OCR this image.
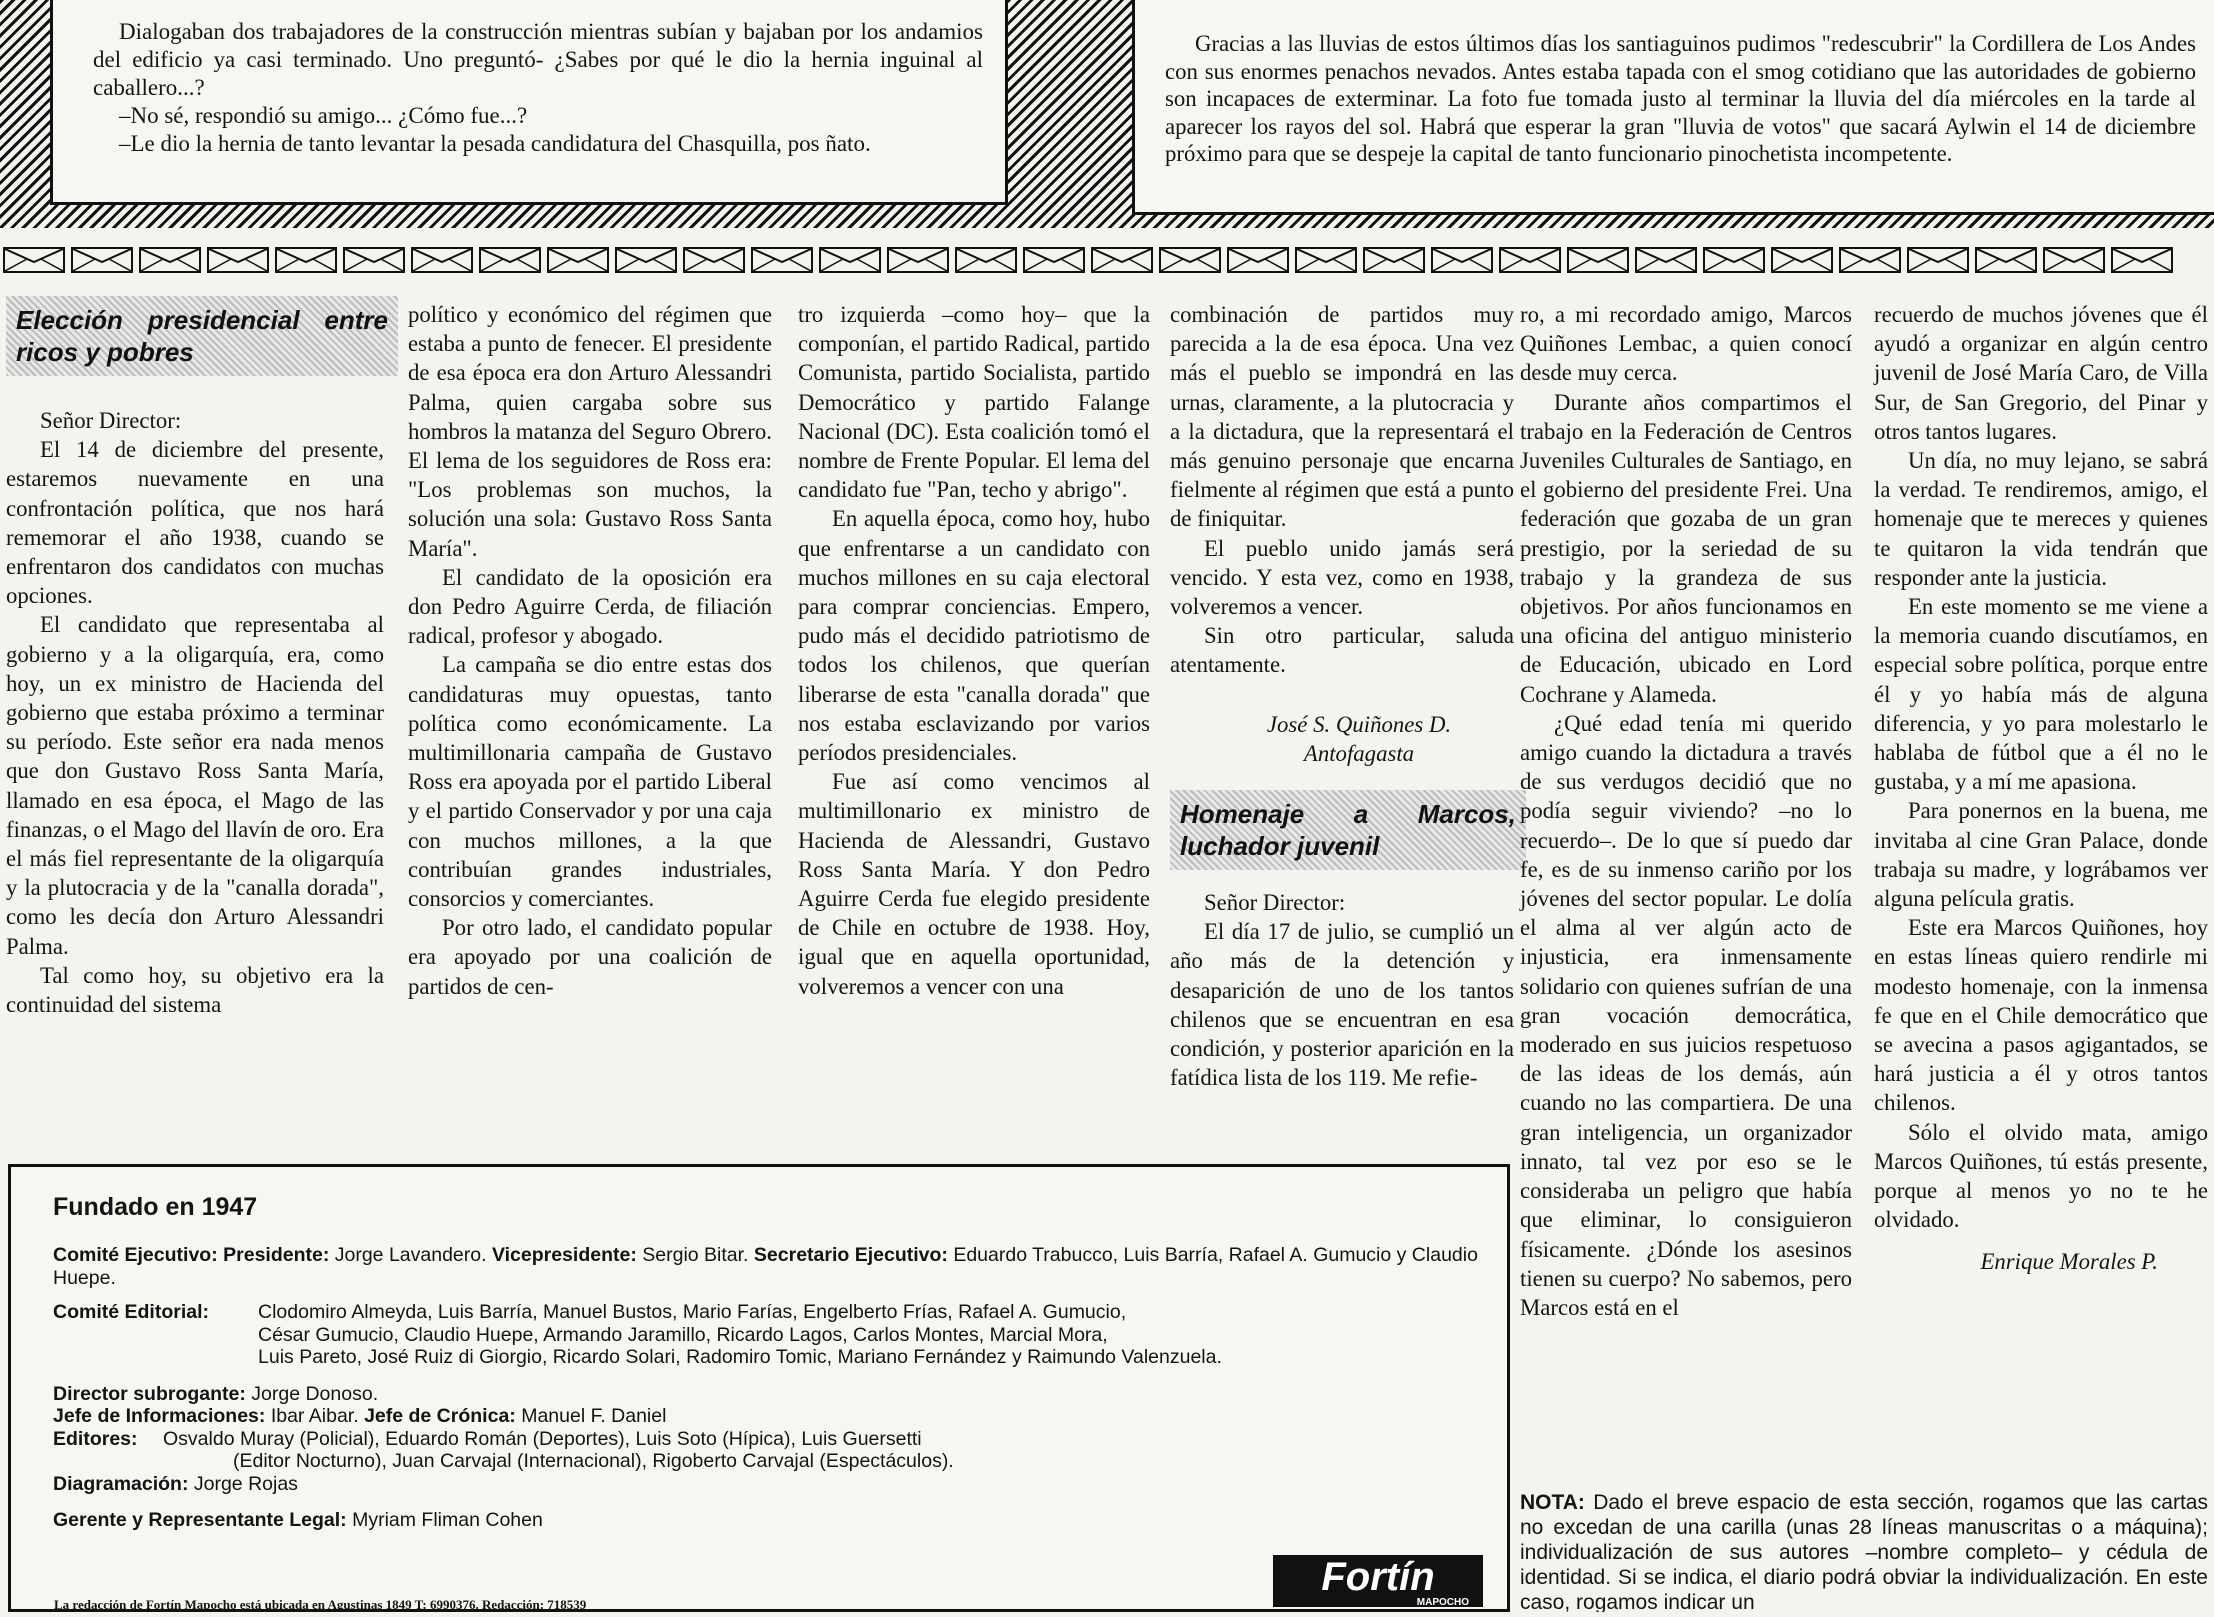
Dialogaban dos trabajadores de la construcción mientras subían y bajaban por los andamios del edificio ya casi terminado. Uno preguntó- ¿Sabes por qué le dio la hernia inguinal al caballero...?

–No sé, respondió su amigo... ¿Cómo fue...?

–Le dio la hernia de tanto levantar la pesada candidatura del Chasquilla, pos ñato.

Gracias a las lluvias de estos últimos días los santiaguinos pudimos "redescubrir" la Cordillera de Los Andes con sus enormes penachos nevados. Antes estaba tapada con el smog cotidiano que las autoridades de gobierno son incapaces de exterminar. La foto fue tomada justo al terminar la lluvia del día miércoles en la tarde al aparecer los rayos del sol. Habrá que esperar la gran "lluvia de votos" que sacará Aylwin el 14 de diciembre próximo para que se despeje la capital de tanto funcionario pinochetista incompetente.

Elección presidencial entre ricos y pobres

Señor Director:

El 14 de diciembre del presente, estaremos nuevamente en una confrontación política, que nos hará rememorar el año 1938, cuando se enfrentaron dos candidatos con muchas opciones.

El candidato que representaba al gobierno y a la oligarquía, era, como hoy, un ex ministro de Hacienda del gobierno que estaba próximo a terminar su período. Este señor era nada menos que don Gustavo Ross Santa María, llamado en esa época, el Mago de las finanzas, o el Mago del llavín de oro. Era el más fiel representante de la oligarquía y la plutocracia y de la "canalla dorada", como les decía don Arturo Alessandri Palma.

Tal como hoy, su objetivo era la continuidad del sistema

político y económico del régimen que estaba a punto de fenecer. El presidente de esa época era don Arturo Alessandri Palma, quien cargaba sobre sus hombros la matanza del Seguro Obrero. El lema de los seguidores de Ross era: "Los problemas son muchos, la solución una sola: Gustavo Ross Santa María".

El candidato de la oposición era don Pedro Aguirre Cerda, de filiación radical, profesor y abogado.

La campaña se dio entre estas dos candidaturas muy opuestas, tanto política como económicamente. La multimillonaria campaña de Gustavo Ross era apoyada por el partido Liberal y el partido Conservador y por una caja con muchos millones, a la que contribuían grandes industriales, consorcios y comerciantes.

Por otro lado, el candidato popular era apoyado por una coalición de partidos de cen-

tro izquierda –como hoy– que la componían, el partido Radical, partido Comunista, partido Socialista, partido Democrático y partido Falange Nacional (DC). Esta coalición tomó el nombre de Frente Popular. El lema del candidato fue "Pan, techo y abrigo".

En aquella época, como hoy, hubo que enfrentarse a un candidato con muchos millones en su caja electoral para comprar conciencias. Empero, pudo más el decidido patriotismo de todos los chilenos, que querían liberarse de esta "canalla dorada" que nos estaba esclavizando por varios períodos presidenciales.

Fue así como vencimos al multimillonario ex ministro de Hacienda de Alessandri, Gustavo Ross Santa María. Y don Pedro Aguirre Cerda fue elegido presidente de Chile en octubre de 1938. Hoy, igual que en aquella oportunidad, volveremos a vencer con una

combinación de partidos muy parecida a la de esa época. Una vez más el pueblo se impondrá en las urnas, claramente, a la plutocracia y a la dictadura, que la representará el más genuino personaje que encarna fielmente al régimen que está a punto de finiquitar.

El pueblo unido jamás será vencido. Y esta vez, como en 1938, volveremos a vencer.

Sin otro particular, saluda atentamente.

José S. Quiñones D.

Antofagasta

Homenaje a Marcos, luchador juvenil

Señor Director:

El día 17 de julio, se cumplió un año más de la detención y desaparición de uno de los tantos chilenos que se encuentran en esa condición, y posterior aparición en la fatídica lista de los 119. Me refie-

ro, a mi recordado amigo, Marcos Quiñones Lembac, a quien conocí desde muy cerca.

Durante años compartimos el trabajo en la Federación de Centros Juveniles Culturales de Santiago, en el gobierno del presidente Frei. Una federación que gozaba de un gran prestigio, por la seriedad de su trabajo y la grandeza de sus objetivos. Por años funcionamos en una oficina del antiguo ministerio de Educación, ubicado en Lord Cochrane y Alameda.

¿Qué edad tenía mi querido amigo cuando la dictadura a través de sus verdugos decidió que no podía seguir viviendo? –no lo recuerdo–. De lo que sí puedo dar fe, es de su inmenso cariño por los jóvenes del sector popular. Le dolía el alma al ver algún acto de injusticia, era inmensamente solidario con quienes sufrían de una gran vocación democrática, moderado en sus juicios respetuoso de las ideas de los demás, aún cuando no las compartiera. De una gran inteligencia, un organizador innato, tal vez por eso se le consideraba un peligro que había que eliminar, lo consiguieron físicamente. ¿Dónde los asesinos tienen su cuerpo? No sabemos, pero Marcos está en el

recuerdo de muchos jóvenes que él ayudó a organizar en algún centro juvenil de José María Caro, de Villa Sur, de San Gregorio, del Pinar y otros tantos lugares.

Un día, no muy lejano, se sabrá la verdad. Te rendiremos, amigo, el homenaje que te mereces y quienes te quitaron la vida tendrán que responder ante la justicia.

En este momento se me viene a la memoria cuando discutíamos, en especial sobre política, porque entre él y yo había más de alguna diferencia, y yo para molestarlo le hablaba de fútbol que a él no le gustaba, y a mí me apasiona.

Para ponernos en la buena, me invitaba al cine Gran Palace, donde trabaja su madre, y lográbamos ver alguna película gratis.

Este era Marcos Quiñones, hoy en estas líneas quiero rendirle mi modesto homenaje, con la inmensa fe que en el Chile democrático que se avecina a pasos agigantados, se hará justicia a él y otros tantos chilenos.

Sólo el olvido mata, amigo Marcos Quiñones, tú estás presente, porque al menos yo no te he olvidado.

Enrique Morales P.

NOTA: Dado el breve espacio de esta sección, rogamos que las cartas no excedan de una carilla (unas 28 líneas manuscritas o a máquina); individualización de sus autores –nombre completo– y cédula de identidad. Si se indica, el diario podrá obviar la individualización. En este caso, rogamos indicar un
Fundado en 1947

Comité Ejecutivo: Presidente: Jorge Lavandero. Vicepresidente: Sergio Bitar. Secretario Ejecutivo: Eduardo Trabucco, Luis Barría, Rafael A. Gumucio y Claudio Huepe.

Comité Editorial:	Clodomiro Almeyda, Luis Barría, Manuel Bustos, Mario Farías, Engelberto Frías, Rafael A. Gumucio,

César Gumucio, Claudio Huepe, Armando Jaramillo, Ricardo Lagos, Carlos Montes, Marcial Mora,

Luis Pareto, José Ruiz di Giorgio, Ricardo Solari, Radomiro Tomic, Mariano Fernández y Raimundo Valenzuela.

Director subrogante: Jorge Donoso.

Jefe de Informaciones: Ibar Aibar. Jefe de Crónica: Manuel F. Daniel

Editores:	Osvaldo Muray (Policial), Eduardo Román (Deportes), Luis Soto (Hípica), Luis Guersetti

(Editor Nocturno), Juan Carvajal (Internacional), Rigoberto Carvajal (Espectáculos).

Diagramación: Jorge Rojas

Gerente y Representante Legal: Myriam Fliman Cohen

Fortín
MAPOCHO
La redacción de Fortín Mapocho está ubicada en Agustinas 1849 T: 6990376. Redacción: 718539
